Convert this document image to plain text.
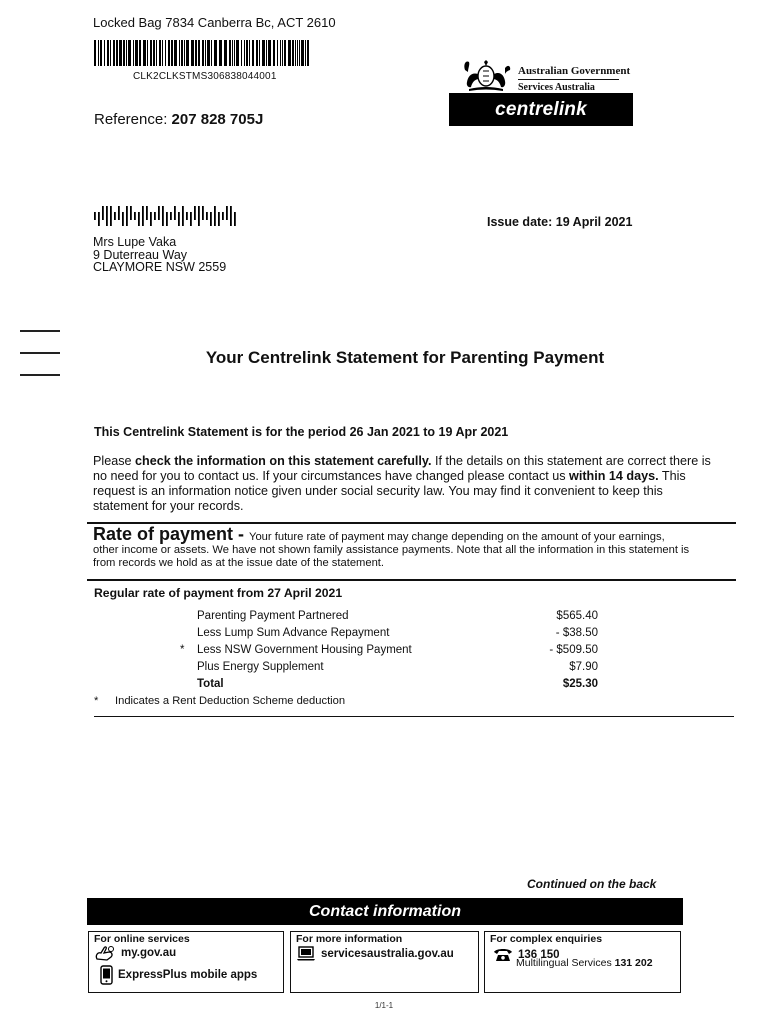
Locked Bag 7834 Canberra Bc, ACT 2610
CLK2CLKSTMS306838044001
Reference: 207 828 705J
Australian Government
Services Australia
centrelink
Issue date: 19 April 2021
Mrs Lupe Vaka
9 Duterreau Way
CLAYMORE NSW 2559
Your Centrelink Statement for Parenting Payment
This Centrelink Statement is for the period 26 Jan 2021 to 19 Apr 2021
Please check the information on this statement carefully. If the details on this statement are correct there is no need for you to contact us. If your circumstances have changed please contact us within 14 days. This request is an information notice given under social security law. You may find it convenient to keep this statement for your records.
Rate of payment - Your future rate of payment may change depending on the amount of your earnings, other income or assets. We have not shown family assistance payments. Note that all the information in this statement is from records we hold as at the issue date of the statement.
Regular rate of payment from 27 April 2021
Parenting Payment Partnered	$565.40
Less Lump Sum Advance Repayment	- $38.50
*	Less NSW Government Housing Payment	- $509.50
Plus Energy Supplement	$7.90
Total	$25.30
*	Indicates a Rent Deduction Scheme deduction
Continued on the back
Contact information
For online services
my.gov.au
ExpressPlus mobile apps
For more information
servicesaustralia.gov.au
For complex enquiries
136 150
Multilingual Services 131 202
1/1-1
